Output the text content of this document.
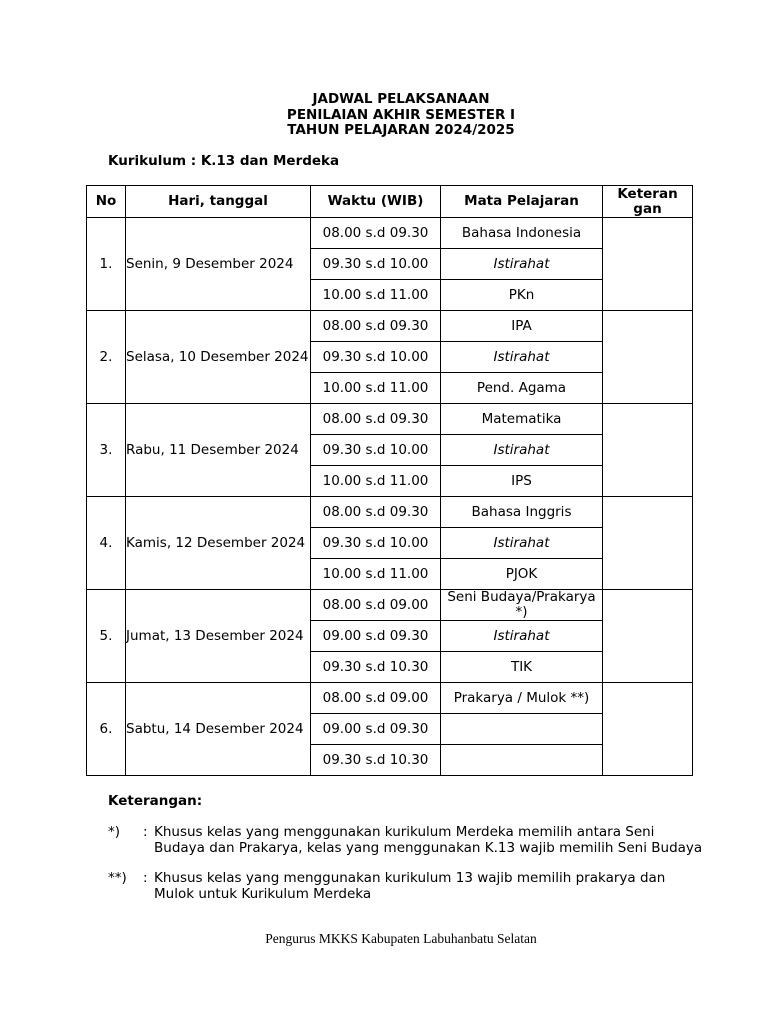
JADWAL PELAKSANAAN
PENILAIAN AKHIR SEMESTER I
TAHUN PELAJARAN 2024/2025
Kurikulum : K.13 dan Merdeka
No	Hari, tanggal	Waktu (WIB)	Mata Pelajaran	Keteran gan
1.	Senin, 9 Desember 2024	08.00 s.d 09.30	Bahasa Indonesia	
		09.30 s.d 10.00	Istirahat	
		10.00 s.d 11.00	PKn	
2.	Selasa, 10 Desember 2024	08.00 s.d 09.30	IPA	
		09.30 s.d 10.00	Istirahat	
		10.00 s.d 11.00	Pend. Agama	
3.	Rabu, 11 Desember 2024	08.00 s.d 09.30	Matematika	
		09.30 s.d 10.00	Istirahat	
		10.00 s.d 11.00	IPS	
4.	Kamis, 12 Desember 2024	08.00 s.d 09.30	Bahasa Inggris	
		09.30 s.d 10.00	Istirahat	
		10.00 s.d 11.00	PJOK	
5.	Jumat, 13 Desember 2024	08.00 s.d 09.00	Seni Budaya/Prakarya *)	
		09.00 s.d 09.30	Istirahat	
		09.30 s.d 10.30	TIK	
6.	Sabtu, 14 Desember 2024	08.00 s.d 09.00	Prakarya / Mulok **)	
		09.00 s.d 09.30		
		09.30 s.d 10.30		
Keterangan:
*) : Khusus kelas yang menggunakan kurikulum Merdeka memilih antara Seni Budaya dan Prakarya, kelas yang menggunakan K.13 wajib memilih Seni Budaya
**) : Khusus kelas yang menggunakan kurikulum 13 wajib memilih prakarya dan Mulok untuk Kurikulum Merdeka
Pengurus MKKS Kabupaten Labuhanbatu Selatan
